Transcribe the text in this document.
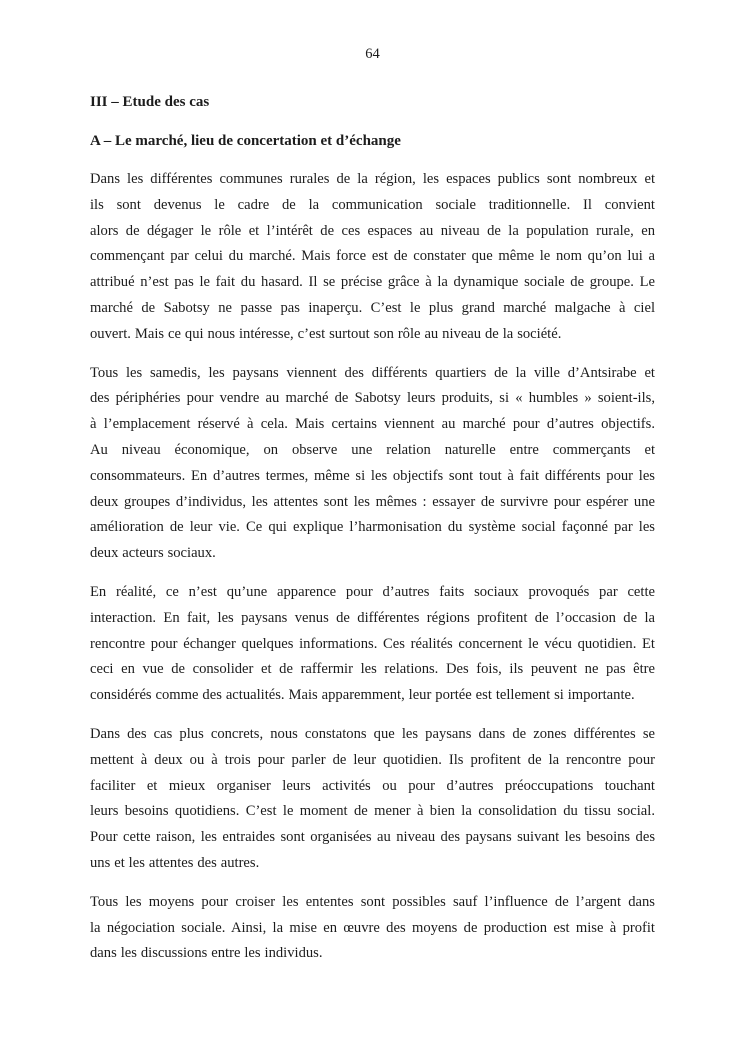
64
III – Etude des cas
A – Le marché, lieu de concertation et d’échange
Dans les différentes communes rurales de la région, les espaces publics sont nombreux et
ils sont devenus le cadre de la communication sociale traditionnelle. Il convient
alors de dégager le rôle et l’intérêt de ces espaces au niveau de la population rurale, en
commençant par celui du marché. Mais force est de constater que même le nom qu’on lui a
attribué n’est pas le fait du hasard. Il se précise grâce à la dynamique sociale de groupe. Le
marché de Sabotsy ne passe pas inaperçu. C’est le plus grand marché malgache à ciel
ouvert. Mais ce qui nous intéresse, c’est surtout son rôle au niveau de la société.
Tous les samedis, les paysans viennent des différents quartiers de la ville d’Antsirabe et
des périphéries pour vendre au marché de Sabotsy leurs produits, si « humbles » soient-ils,
à l’emplacement réservé à cela. Mais certains viennent au marché pour d’autres objectifs.
Au niveau économique, on observe une relation naturelle entre commerçants et
consommateurs. En d’autres termes, même si les objectifs sont tout à fait différents pour les
deux groupes d’individus, les attentes sont les mêmes : essayer de survivre pour espérer une
amélioration de leur vie. Ce qui explique l’harmonisation du système social façonné par les
deux acteurs sociaux.
En réalité, ce n’est qu’une apparence pour d’autres faits sociaux provoqués par cette
interaction. En fait, les paysans venus de différentes régions profitent de l’occasion de la
rencontre pour échanger quelques informations. Ces réalités concernent le vécu quotidien. Et
ceci en vue de consolider et de raffermir les relations. Des fois, ils peuvent ne pas être
considérés comme des actualités. Mais apparemment, leur portée est tellement si importante.
Dans des cas plus concrets, nous constatons que les paysans dans de zones différentes se
mettent à deux ou à trois pour parler de leur quotidien. Ils profitent de la rencontre pour
faciliter et mieux organiser leurs activités ou pour d’autres préoccupations touchant
leurs besoins quotidiens. C’est le moment de mener à bien la consolidation du tissu social.
Pour cette raison, les entraides sont organisées au niveau des paysans suivant les besoins des
uns et les attentes des autres.
Tous les moyens pour croiser les ententes sont possibles sauf l’influence de l’argent dans
la négociation sociale. Ainsi, la mise en œuvre des moyens de production est mise à profit
dans les discussions entre les individus.
